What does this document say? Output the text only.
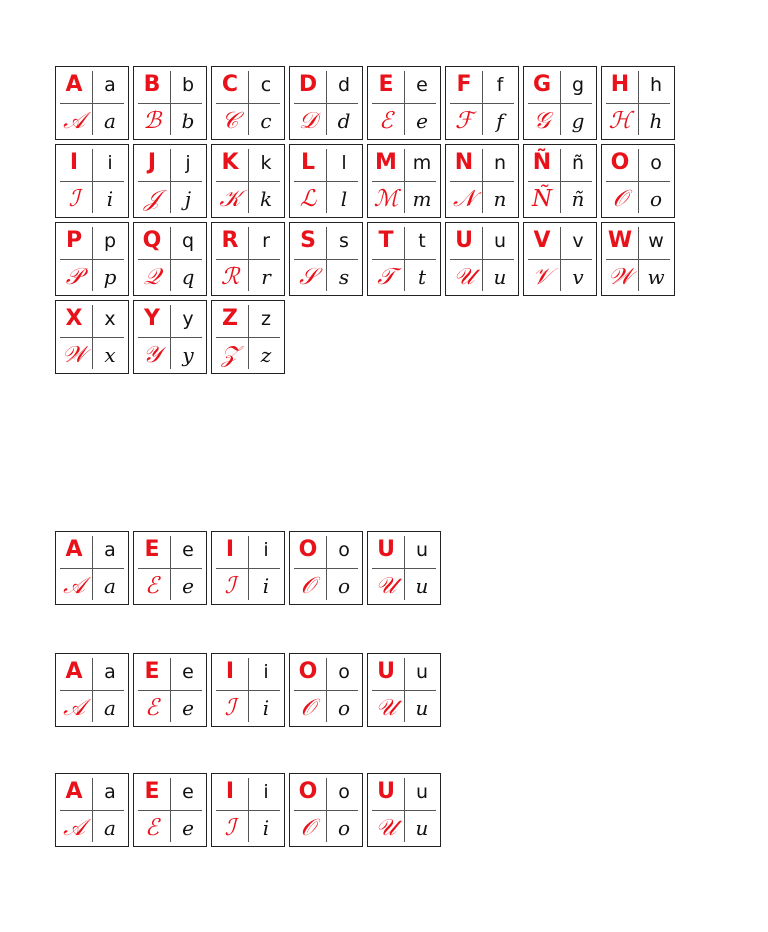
A	a
𝒜 a
B	b
ℬ	b
C	c
𝒞	c
D	d
𝒟	d
E	e
ℰ	e
F	f
ℱ	f
G	g
𝒢	g
H	h
ℋ h
I	i
ℐ	i
J	j
𝒥	j
K	k
𝒦 k
L	l
ℒ	l
M m
ℳ m
N	n
𝒩 n
Ñ	ñ
Ñ ñ
O	o
𝒪	o
P	p
𝒫	p
Q	q
𝒬	q
R	r
ℛ	r
S	s
𝒮	s
T	t
𝒯	t
U	u
𝒰 u
V	v
𝒱	v
W w
𝒲 w
X	x
𝒲 x
Y	y
𝒴	y
Z	z
𝒵	z
A	a
𝒜 a
E	e
ℰ	e
I	i
ℐ	i
O	o
𝒪	o
U	u
𝒰 u
A	a
𝒜 a
E	e
ℰ	e
I	i
ℐ	i
O	o
𝒪	o
U	u
𝒰 u
A	a
𝒜 a
E	e
ℰ	e
I	i
ℐ	i
O	o
𝒪	o
U	u
𝒰 u
